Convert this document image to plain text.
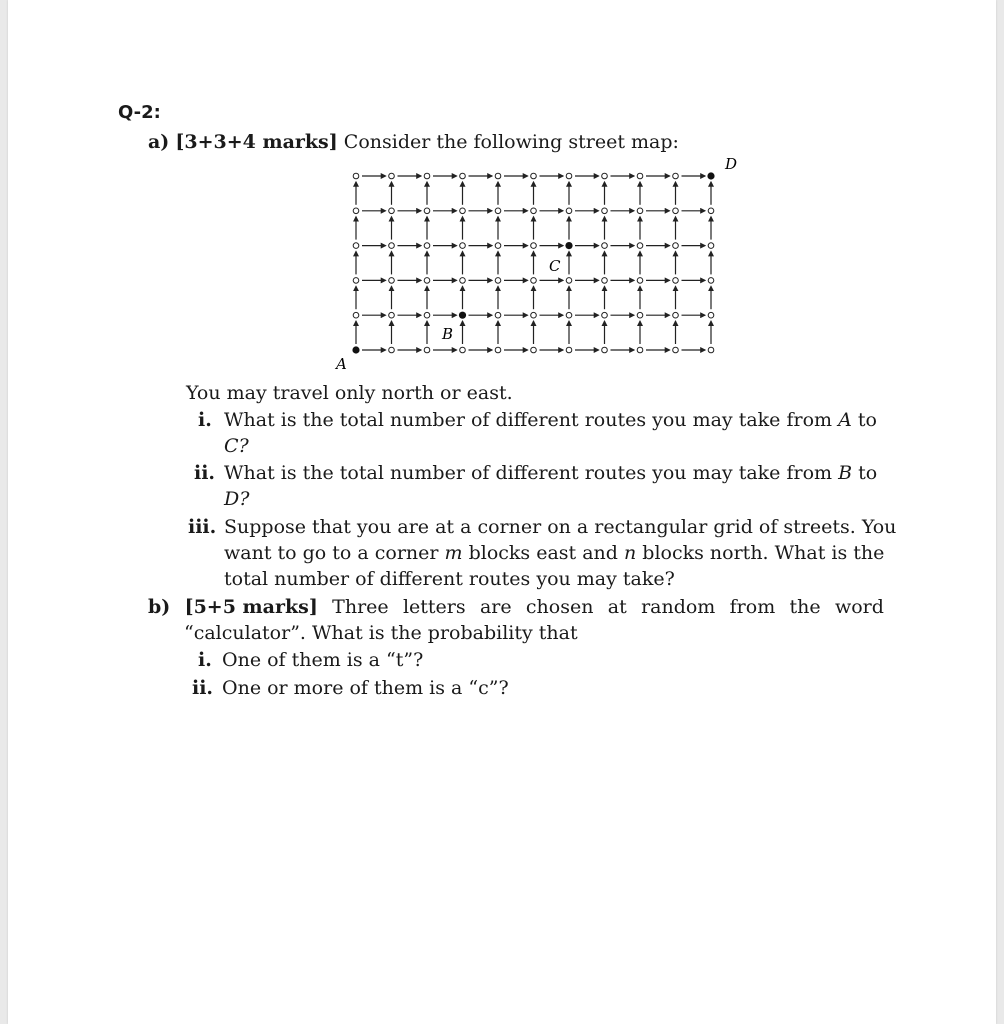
Q-2:
a) [3+3+4 marks] Consider the following street map:
A
B
C
D
You may travel only north or east.
i. What is the total number of different routes you may take from A to
C?
ii. What is the total number of different routes you may take from B to
D?
iii. Suppose that you are at a corner on a rectangular grid of streets. You
want to go to a corner m blocks east and n blocks north. What is the
total number of different routes you may take?
b) [5+5 marks] Three letters are chosen at random from the word
“calculator”. What is the probability that
i. One of them is a “t”?
ii. One or more of them is a “c”?
